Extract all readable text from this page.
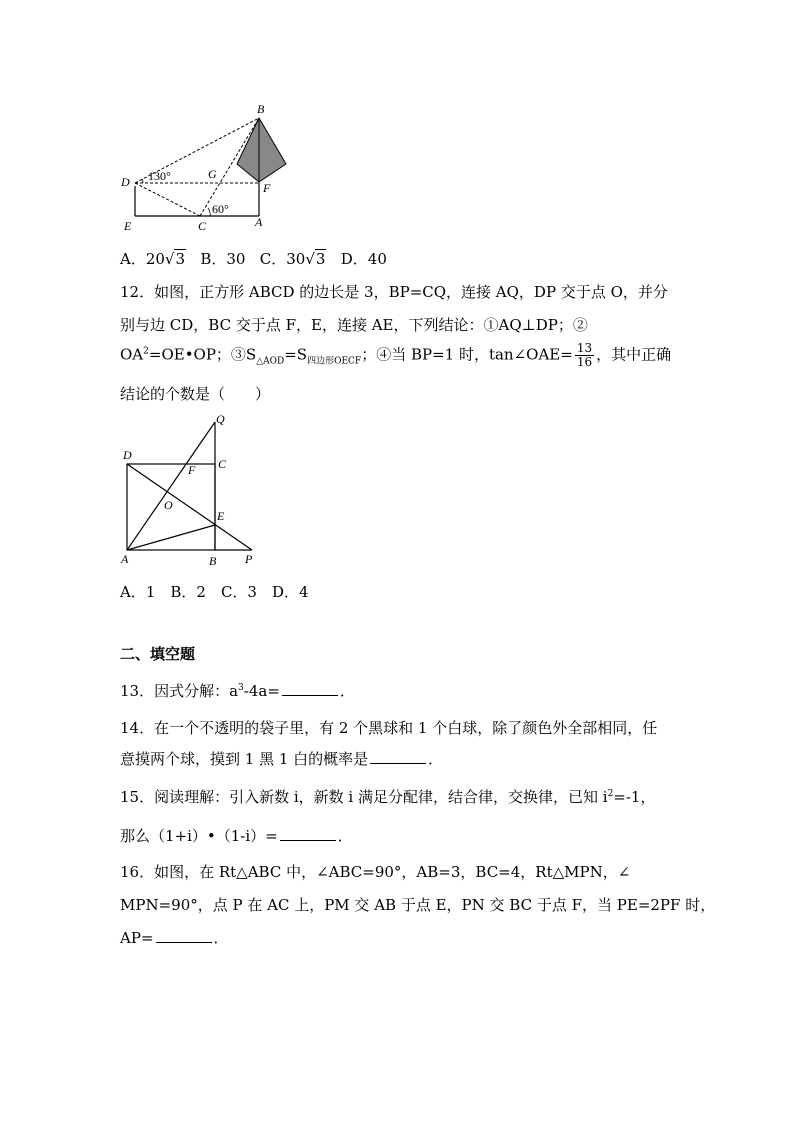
B
D 130°	G
F
60°
E	C	A
A．20√3 B．30 C．30√3 D．40
12．如图，正方形 ABCD 的边长是 3，BP=CQ，连接 AQ，DP 交于点 O，并分
别与边 CD，BC 交于点 F，E，连接 AE，下列结论：①AQ⊥DP；②
$OA^2=OE•OP$；$③S_{\triangle AOD}=S_{四边形OECF}$；④当 BP=1 时，tan∠OAE= $\frac{13}{16}$ ，其中正确
结论的个数是（　　）
Q
D
C
F
O
E
A	B P
A．1　B．2　C．3　D．4
二、填空题
13．因式分解：$a^3-4a=$	．
14．在一个不透明的袋子里，有 2 个黑球和 1 个白球，除了颜色外全部相同，任
意摸两个球，摸到 1 黑 1 白的概率是	．
15．阅读理解：引入新数 i，新数 i 满足分配律，结合律，交换律，已知 $i^2=-1$，
那么（1+i）•（1-i）=	．
16．如图，在 Rt△ABC 中，∠ABC=90°，AB=3，BC=4，Rt△MPN，∠
MPN=90°，点 P 在 AC 上，PM 交 AB 于点 E，PN 交 BC 于点 F，当 PE=2PF 时，
AP=	．
